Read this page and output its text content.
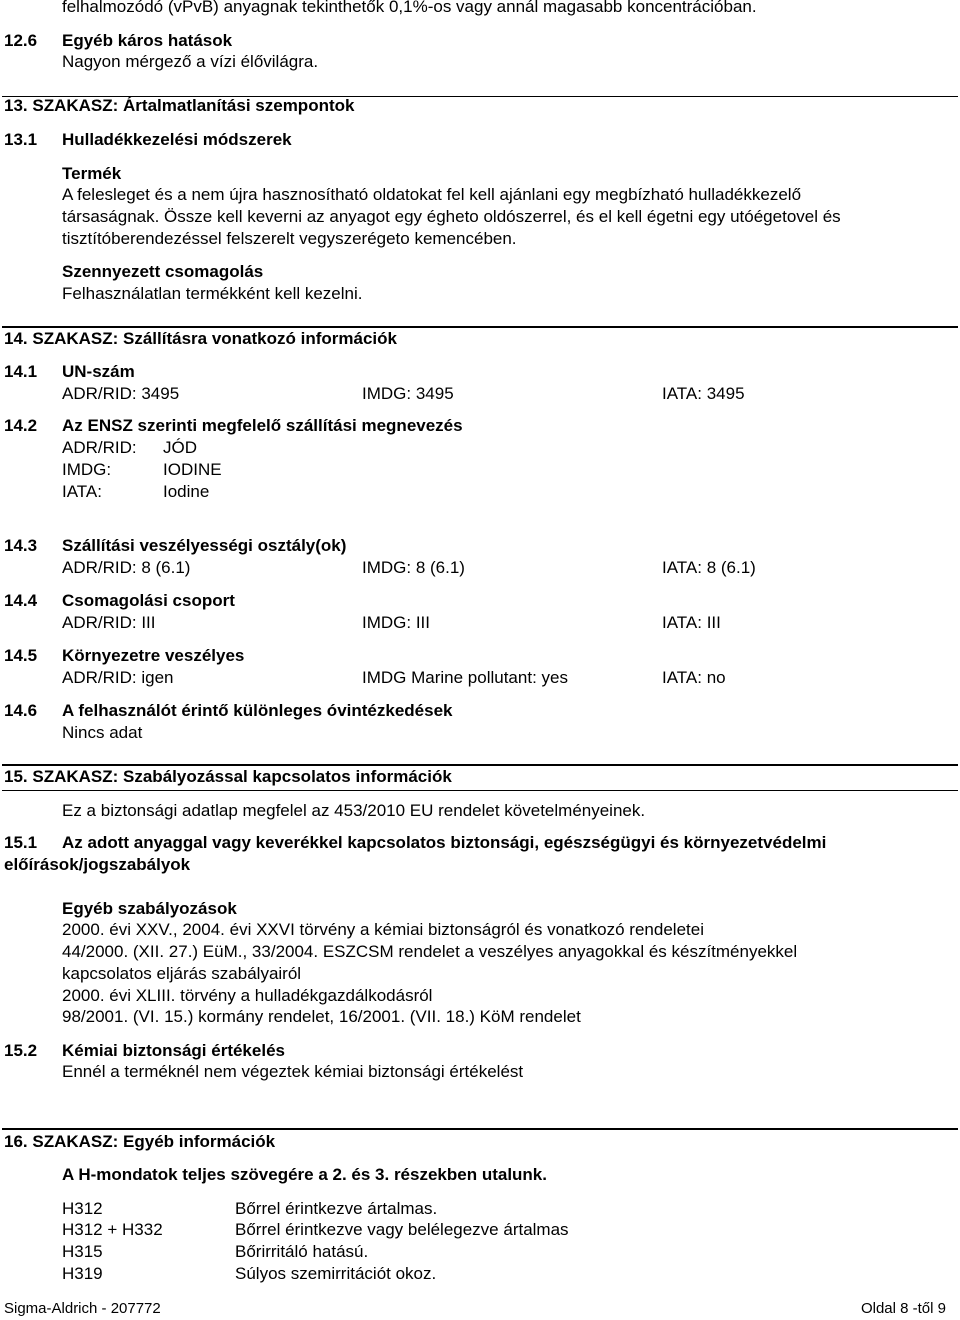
felhalmozódó (vPvB) anyagnak tekinthetők 0,1%-os vagy annál magasabb koncentrációban.
12.6 Egyéb káros hatások
Nagyon mérgező a vízi élővilágra.
13. SZAKASZ: Ártalmatlanítási szempontok
13.1 Hulladékkezelési módszerek
Termék
A felesleget és a nem újra hasznosítható oldatokat fel kell ajánlani egy megbízható hulladékkezelő
társaságnak. Össze kell keverni az anyagot egy égheto oldószerrel, és el kell égetni egy utóégetovel és
tisztítóberendezéssel felszerelt vegyszerégeto kemencében.
Szennyezett csomagolás
Felhasználatlan termékként kell kezelni.
14. SZAKASZ: Szállításra vonatkozó információk
14.1 UN-szám
ADR/RID: 3495	IMDG: 3495	IATA: 3495
14.2 Az ENSZ szerinti megfelelő szállítási megnevezés
ADR/RID: JÓD
IMDG:	IODINE
IATA:	Iodine
14.3 Szállítási veszélyességi osztály(ok)
ADR/RID: 8 (6.1)	IMDG: 8 (6.1)	IATA: 8 (6.1)
14.4 Csomagolási csoport
ADR/RID: III	IMDG: III	IATA: III
14.5 Környezetre veszélyes
ADR/RID: igen	IMDG Marine pollutant: yes	IATA: no
14.6 A felhasználót érintő különleges óvintézkedések
Nincs adat
15. SZAKASZ: Szabályozással kapcsolatos információk
Ez a biztonsági adatlap megfelel az 453/2010 EU rendelet követelményeinek.
15.1 Az adott anyaggal vagy keverékkel kapcsolatos biztonsági, egészségügyi és környezetvédelmi
előírások/jogszabályok
Egyéb szabályozások
2000. évi XXV., 2004. évi XXVI törvény a kémiai biztonságról és vonatkozó rendeletei
44/2000. (XII. 27.) EüM., 33/2004. ESZCSM rendelet a veszélyes anyagokkal és készítményekkel
kapcsolatos eljárás szabályairól
2000. évi XLIII. törvény a hulladékgazdálkodásról
98/2001. (VI. 15.) kormány rendelet, 16/2001. (VII. 18.) KöM rendelet
15.2 Kémiai biztonsági értékelés
Ennél a terméknél nem végeztek kémiai biztonsági értékelést
16. SZAKASZ: Egyéb információk
A H-mondatok teljes szövegére a 2. és 3. részekben utalunk.
H312	Bőrrel érintkezve ártalmas.
H312 + H332	Bőrrel érintkezve vagy belélegezve ártalmas
H315	Bőrirritáló hatású.
H319	Súlyos szemirritációt okoz.
Sigma-Aldrich - 207772	Oldal 8 -től 9
